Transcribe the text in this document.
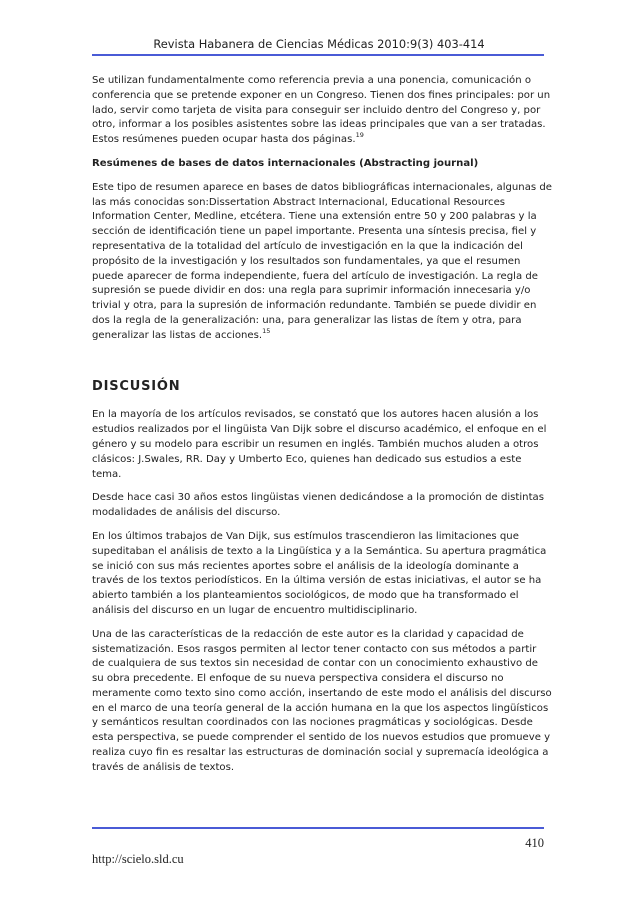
Revista Habanera de Ciencias Médicas 2010:9(3) 403-414

Se utilizan fundamentalmente como referencia previa a una ponencia, comunicación o conferencia que se pretende exponer en un Congreso. Tienen dos fines principales: por un lado, servir como tarjeta de visita para conseguir ser incluido dentro del Congreso y, por otro, informar a los posibles asistentes sobre las ideas principales que van a ser tratadas. Estos resúmenes pueden ocupar hasta dos páginas.$^{19}$

Resúmenes de bases de datos internacionales (Abstracting journal)

Este tipo de resumen aparece en bases de datos bibliográficas internacionales, algunas de las más conocidas son:Dissertation Abstract Internacional, Educational Resources Information Center, Medline, etcétera. Tiene una extensión entre 50 y 200 palabras y la sección de identificación tiene un papel importante. Presenta una síntesis precisa, fiel y representativa de la totalidad del artículo de investigación en la que la indicación del propósito de la investigación y los resultados son fundamentales, ya que el resumen puede aparecer de forma independiente, fuera del artículo de investigación. La regla de supresión se puede dividir en dos: una regla para suprimir información innecesaria y/o trivial y otra, para la supresión de información redundante. También se puede dividir en dos la regla de la generalización: una, para generalizar las listas de ítem y otra, para generalizar las listas de acciones.$^{15}$

DISCUSIÓN

En la mayoría de los artículos revisados, se constató que los autores hacen alusión a los estudios realizados por el lingüista Van Dijk sobre el discurso académico, el enfoque en el género y su modelo para escribir un resumen en inglés. También muchos aluden a otros clásicos: J.Swales, RR. Day y Umberto Eco, quienes han dedicado sus estudios a este tema.

Desde hace casi 30 años estos lingüistas vienen dedicándose a la promoción de distintas modalidades de análisis del discurso.

En los últimos trabajos de Van Dijk, sus estímulos trascendieron las limitaciones que supeditaban el análisis de texto a la Lingüística y a la Semántica. Su apertura pragmática se inició con sus más recientes aportes sobre el análisis de la ideología dominante a través de los textos periodísticos. En la última versión de estas iniciativas, el autor se ha abierto también a los planteamientos sociológicos, de modo que ha transformado el análisis del discurso en un lugar de encuentro multidisciplinario.

Una de las características de la redacción de este autor es la claridad y capacidad de sistematización. Esos rasgos permiten al lector tener contacto con sus métodos a partir de cualquiera de sus textos sin necesidad de contar con un conocimiento exhaustivo de su obra precedente. El enfoque de su nueva perspectiva considera el discurso no meramente como texto sino como acción, insertando de este modo el análisis del discurso en el marco de una teoría general de la acción humana en la que los aspectos lingüísticos y semánticos resultan coordinados con las nociones pragmáticas y sociológicas. Desde esta perspectiva, se puede comprender el sentido de los nuevos estudios que promueve y realiza cuyo fin es resaltar las estructuras de dominación social y supremacía ideológica a través de análisis de textos.

410
http://scielo.sld.cu
